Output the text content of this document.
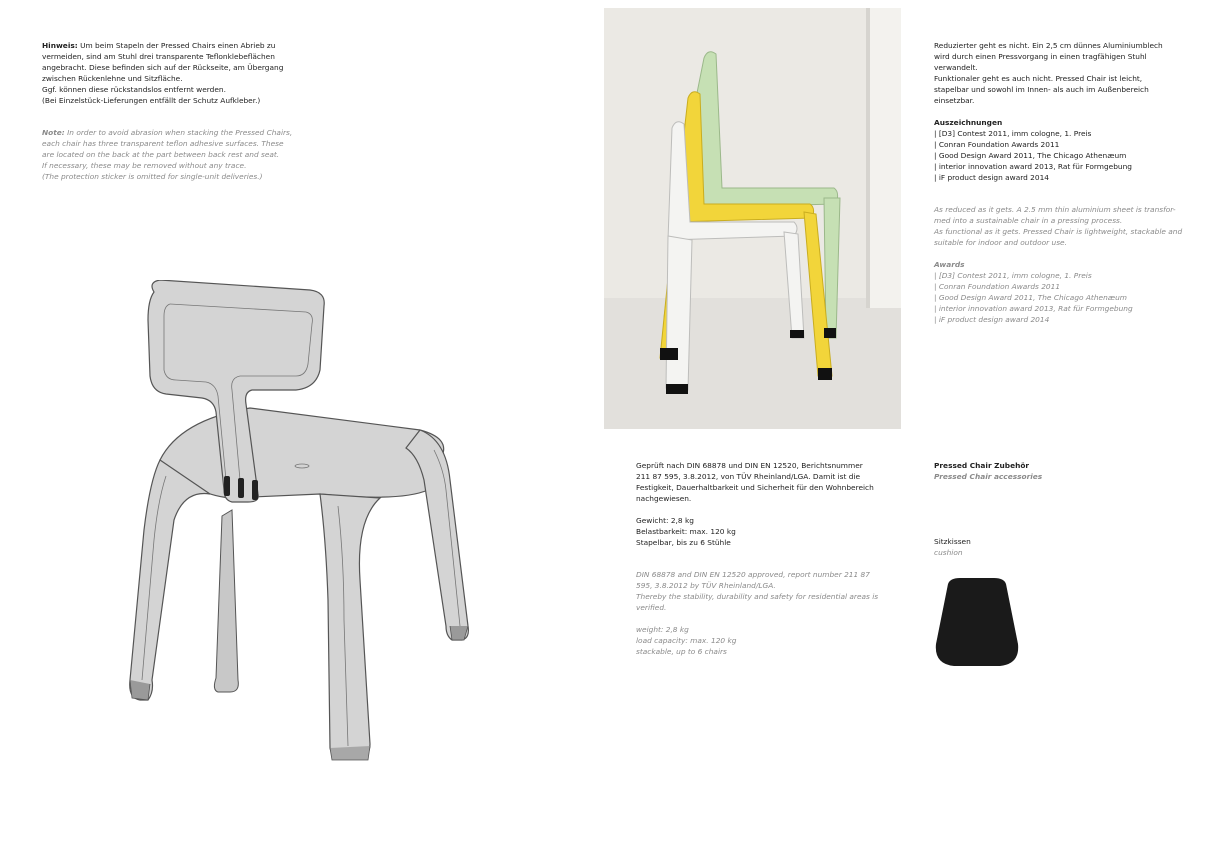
Hinweis: Um beim Stapeln der Pressed Chairs einen Abrieb zu

vermeiden, sind am Stuhl drei transparente Teflonklebeflächen

angebracht. Diese befinden sich auf der Rückseite, am Übergang

zwischen Rückenlehne und Sitzfläche.

Ggf. können diese rückstandslos entfernt werden.

(Bei Einzelstück-Lieferungen entfällt der Schutz Aufkleber.)

Note: In order to avoid abrasion when stacking the Pressed Chairs,

each chair has three transparent teflon adhesive surfaces. These

are located on the back at the part between back rest and seat.

If necessary, these may be removed without any trace.

(The protection sticker is omitted for single-unit deliveries.)

Reduzierter geht es nicht. Ein 2,5 cm dünnes Aluminiumblech

wird durch einen Pressvorgang in einen tragfähigen Stuhl

verwandelt.

Funktionaler geht es auch nicht. Pressed Chair ist leicht,

stapelbar und sowohl im Innen- als auch im Außenbereich

einsetzbar.

Auszeichnungen

| [D3] Contest 2011, imm cologne, 1. Preis

| Conran Foundation Awards 2011

| Good Design Award 2011, The Chicago Athenæum

| interior innovation award 2013, Rat für Formgebung

| iF product design award 2014

As reduced as it gets. A 2.5 mm thin aluminium sheet is transfor-

med into a sustainable chair in a pressing process.

As functional as it gets. Pressed Chair is lightweight, stackable and

suitable for indoor and outdoor use.

Awards

| [D3] Contest 2011, imm cologne, 1. Preis

| Conran Foundation Awards 2011

| Good Design Award 2011, The Chicago Athenæum

| interior innovation award 2013, Rat für Formgebung

| iF product design award 2014

Geprüft nach DIN 68878 und DIN EN 12520, Berichtsnummer

211 87 595, 3.8.2012, von TÜV Rheinland/LGA. Damit ist die

Festigkeit, Dauerhaltbarkeit und Sicherheit für den Wohnbereich

nachgewiesen.

Gewicht: 2,8 kg

Belastbarkeit: max. 120 kg

Stapelbar, bis zu 6 Stühle

DIN 68878 and DIN EN 12520 approved, report number 211 87

595, 3.8.2012 by TÜV Rheinland/LGA.

Thereby the stability, durability and safety for residential areas is

verified.

weight: 2,8 kg

load capacity: max. 120 kg

stackable, up to 6 chairs

Pressed Chair Zubehör

Pressed Chair accessories

Sitzkissen

cushion
